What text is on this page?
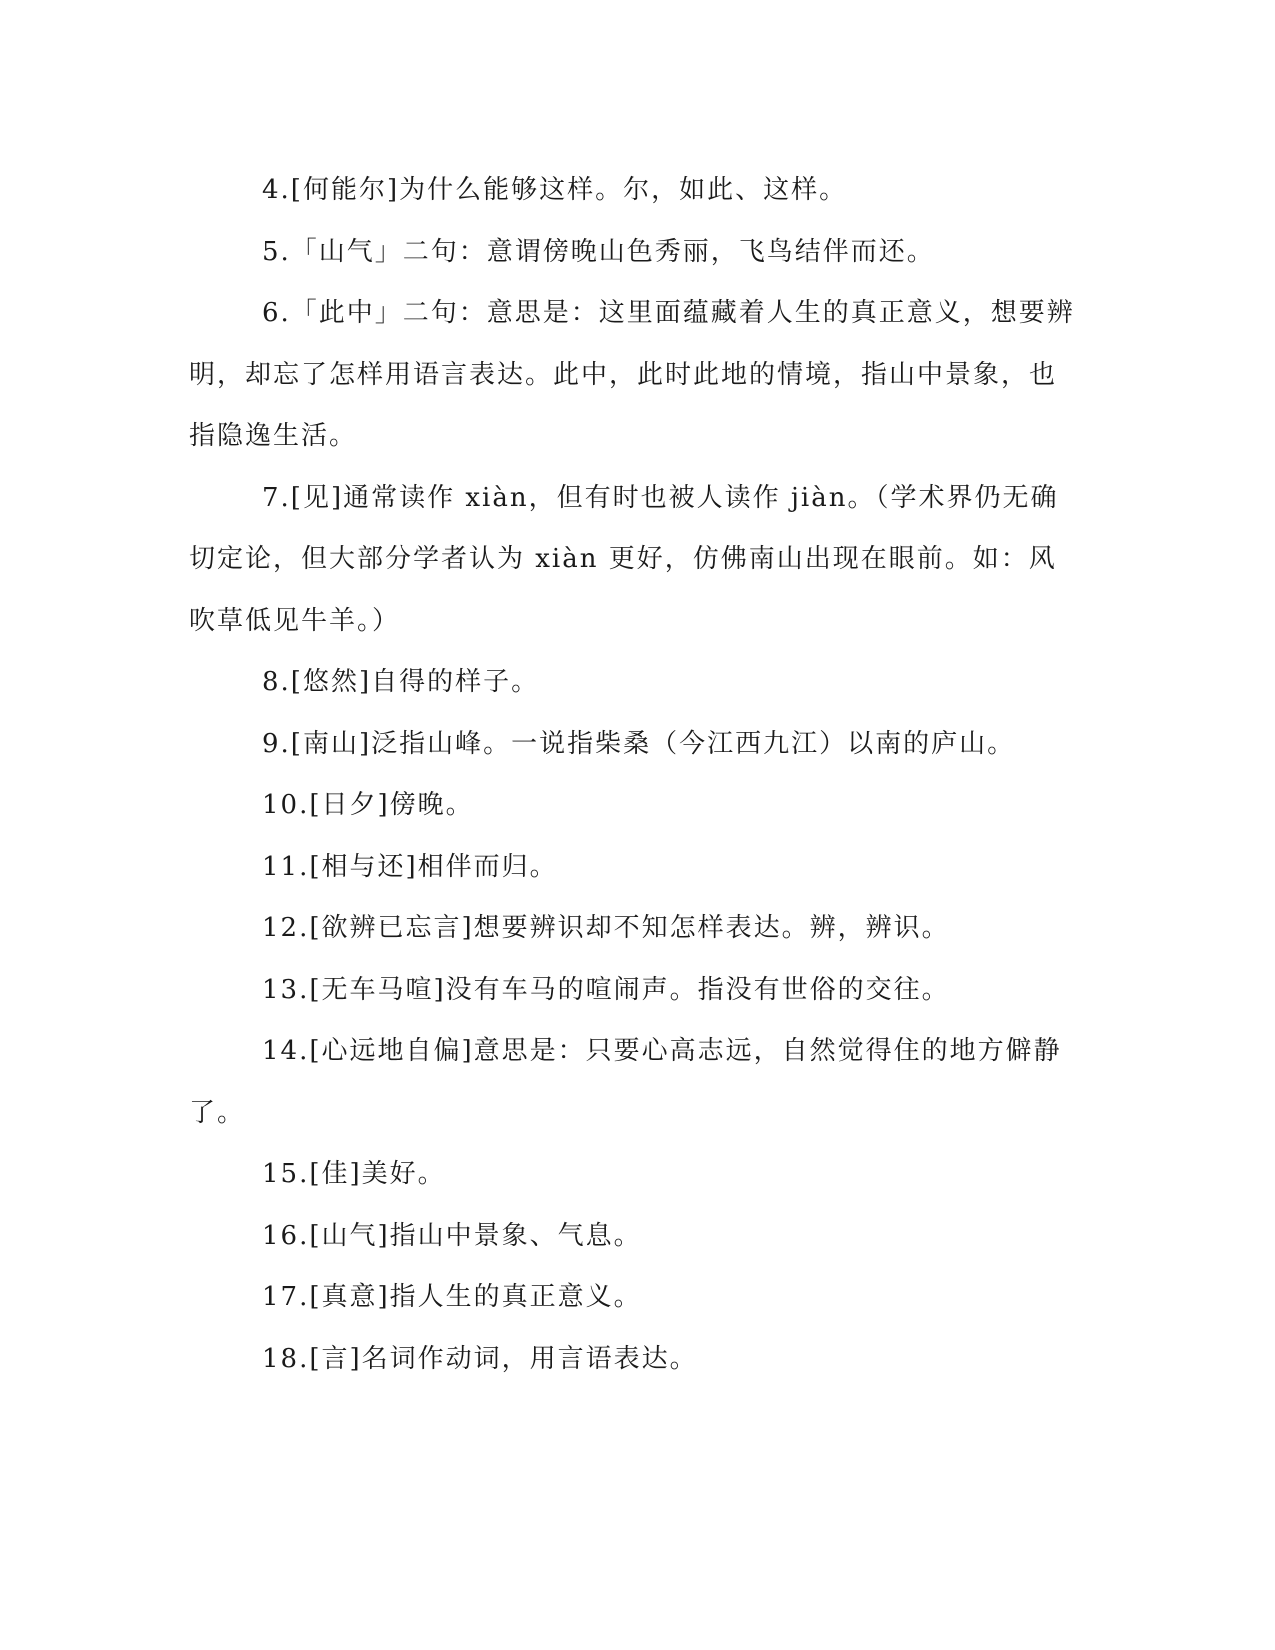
4.[何能尔]为什么能够这样。尔，如此、这样。

5.「山气」二句：意谓傍晚山色秀丽，飞鸟结伴而还。

6.「此中」二句：意思是：这里面蕴藏着人生的真正意义，想要辨明，却忘了怎样用语言表达。此中，此时此地的情境，指山中景象，也指隐逸生活。

7.[见]通常读作 xiàn，但有时也被人读作 jiàn。（学术界仍无确切定论，但大部分学者认为 xiàn 更好，仿佛南山出现在眼前。如：风吹草低见牛羊。）

8.[悠然]自得的样子。

9.[南山]泛指山峰。一说指柴桑（今江西九江）以南的庐山。

10.[日夕]傍晚。

11.[相与还]相伴而归。

12.[欲辨已忘言]想要辨识却不知怎样表达。辨，辨识。

13.[无车马喧]没有车马的喧闹声。指没有世俗的交往。

14.[心远地自偏]意思是：只要心高志远，自然觉得住的地方僻静了。

15.[佳]美好。

16.[山气]指山中景象、气息。

17.[真意]指人生的真正意义。

18.[言]名词作动词，用言语表达。
